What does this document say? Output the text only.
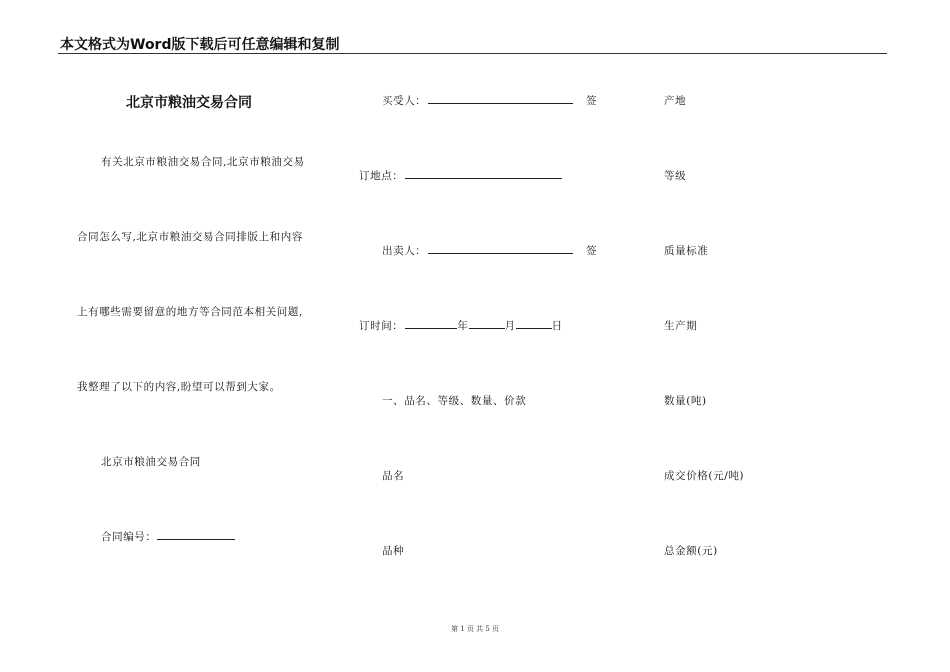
本文格式为Word版下载后可任意编辑和复制
北京市粮油交易合同
有关北京市粮油交易合同,北京市粮油交易
合同怎么写,北京市粮油交易合同排版上和内容
上有哪些需要留意的地方等合同范本相关问题,
我整理了以下的内容,盼望可以帮到大家。
北京市粮油交易合同
合同编号：
买受人：	签
订地点：
出卖人：	签
订时间：	年	月	日
一、品名、等级、数量、价款
品名
品种
产地
等级
质量标准
生产期
数量(吨)
成交价格(元/吨)
总金额(元)
第 1 页 共 5 页
